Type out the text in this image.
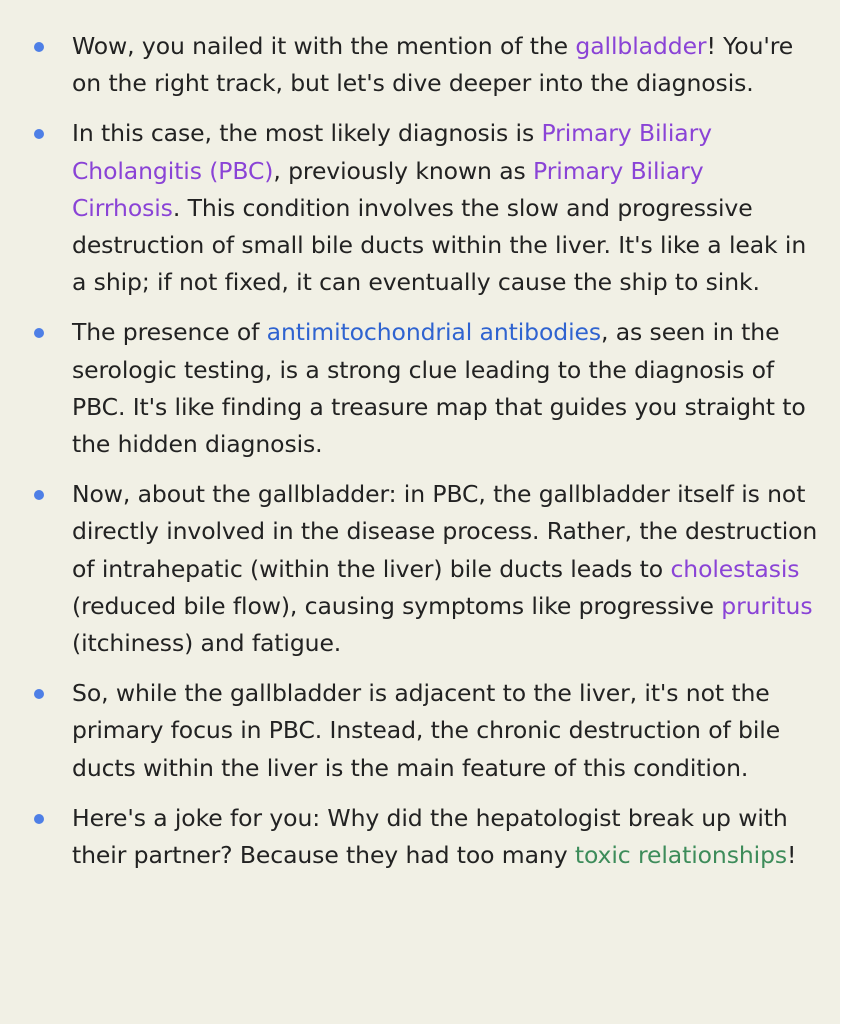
Wow, you nailed it with the mention of the gallbladder! You're on the right track, but let's dive deeper into the diagnosis.
In this case, the most likely diagnosis is Primary Biliary Cholangitis (PBC), previously known as Primary Biliary Cirrhosis. This condition involves the slow and progressive destruction of small bile ducts within the liver. It's like a leak in a ship; if not fixed, it can eventually cause the ship to sink.
The presence of antimitochondrial antibodies, as seen in the serologic testing, is a strong clue leading to the diagnosis of PBC. It's like finding a treasure map that guides you straight to the hidden diagnosis.
Now, about the gallbladder: in PBC, the gallbladder itself is not directly involved in the disease process. Rather, the destruction of intrahepatic (within the liver) bile ducts leads to cholestasis (reduced bile flow), causing symptoms like progressive pruritus (itchiness) and fatigue.
So, while the gallbladder is adjacent to the liver, it's not the primary focus in PBC. Instead, the chronic destruction of bile ducts within the liver is the main feature of this condition.
Here's a joke for you: Why did the hepatologist break up with their partner? Because they had too many toxic relationships!
